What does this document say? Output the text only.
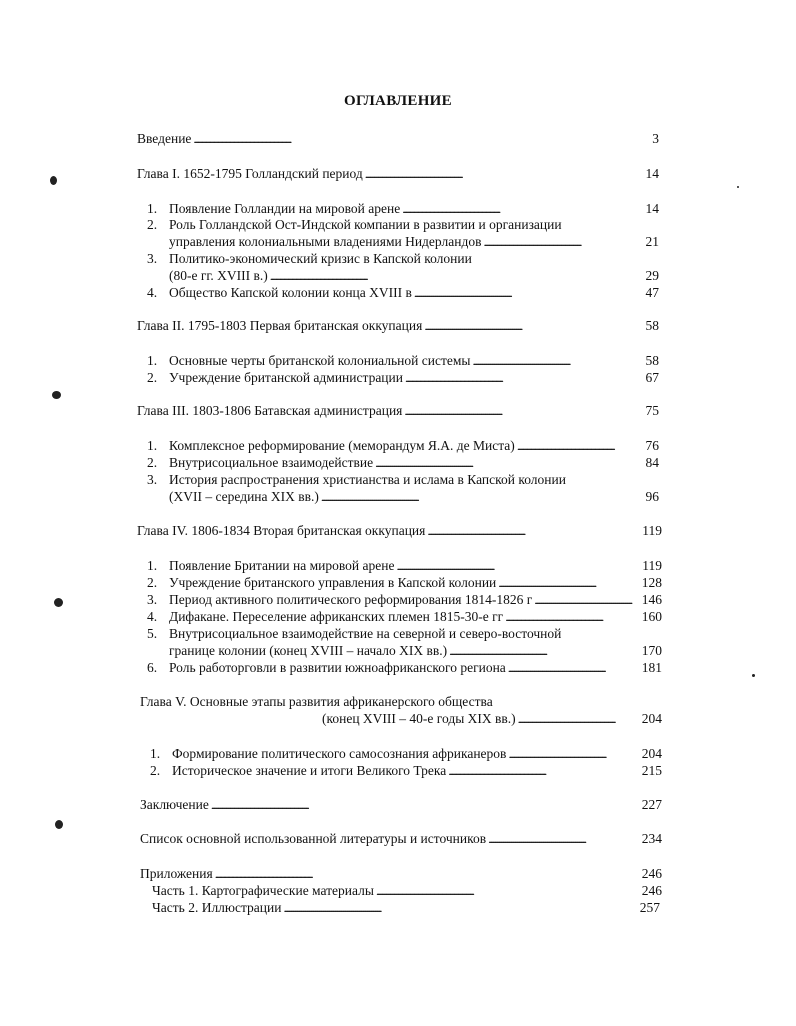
ОГЛАВЛЕНИЕ
Введение . . .	3
Глава I. 1652-1795 Голландский период . . .	14
1. Появление Голландии на мировой арене . . .	14
2. Роль Голландской Ост-Индской компании в развитии и организации
управления колониальными владениями Нидерландов . . .	21
3. Политико-экономический кризис в Капской колонии
(80-е гг. XVIII в.) . . .	29
4. Общество Капской колонии конца XVIII в . . .	47
Глава II. 1795-1803 Первая британская оккупация . . .	58
1. Основные черты британской колониальной системы . . .	58
2. Учреждение британской администрации . . .	67
Глава III. 1803-1806 Батавская администрация . . .	75
1. Комплексное реформирование (меморандум Я.А. де Миста) . . .	76
2. Внутрисоциальное взаимодействие . . .	84
3. История распространения христианства и ислама в Капской колонии
(XVII – середина XIX вв.) . . .	96
Глава IV. 1806-1834 Вторая британская оккупация . . .	119
1. Появление Британии на мировой арене . . .	119
2. Учреждение британского управления в Капской колонии . . .	128
3. Период активного политического реформирования 1814-1826 г . . .	146
4. Дифакане. Переселение африканских племен 1815-30-е гг . . .	160
5. Внутрисоциальное взаимодействие на северной и северо-восточной
границе колонии (конец XVIII – начало XIX вв.) . . .	170
6. Роль работорговли в развитии южноафриканского региона . . .	181
Глава V. Основные этапы развития африканерского общества
(конец XVIII – 40-е годы XIX вв.) . . .	204
1. Формирование политического самосознания африканеров . . .	204
2. Историческое значение и итоги Великого Трека . . .	215
Заключение . . .	227
Список основной использованной литературы и источников . . .	234
Приложения . . .	246
Часть 1. Картографические материалы . . .	246
Часть 2. Иллюстрации . . .	257
